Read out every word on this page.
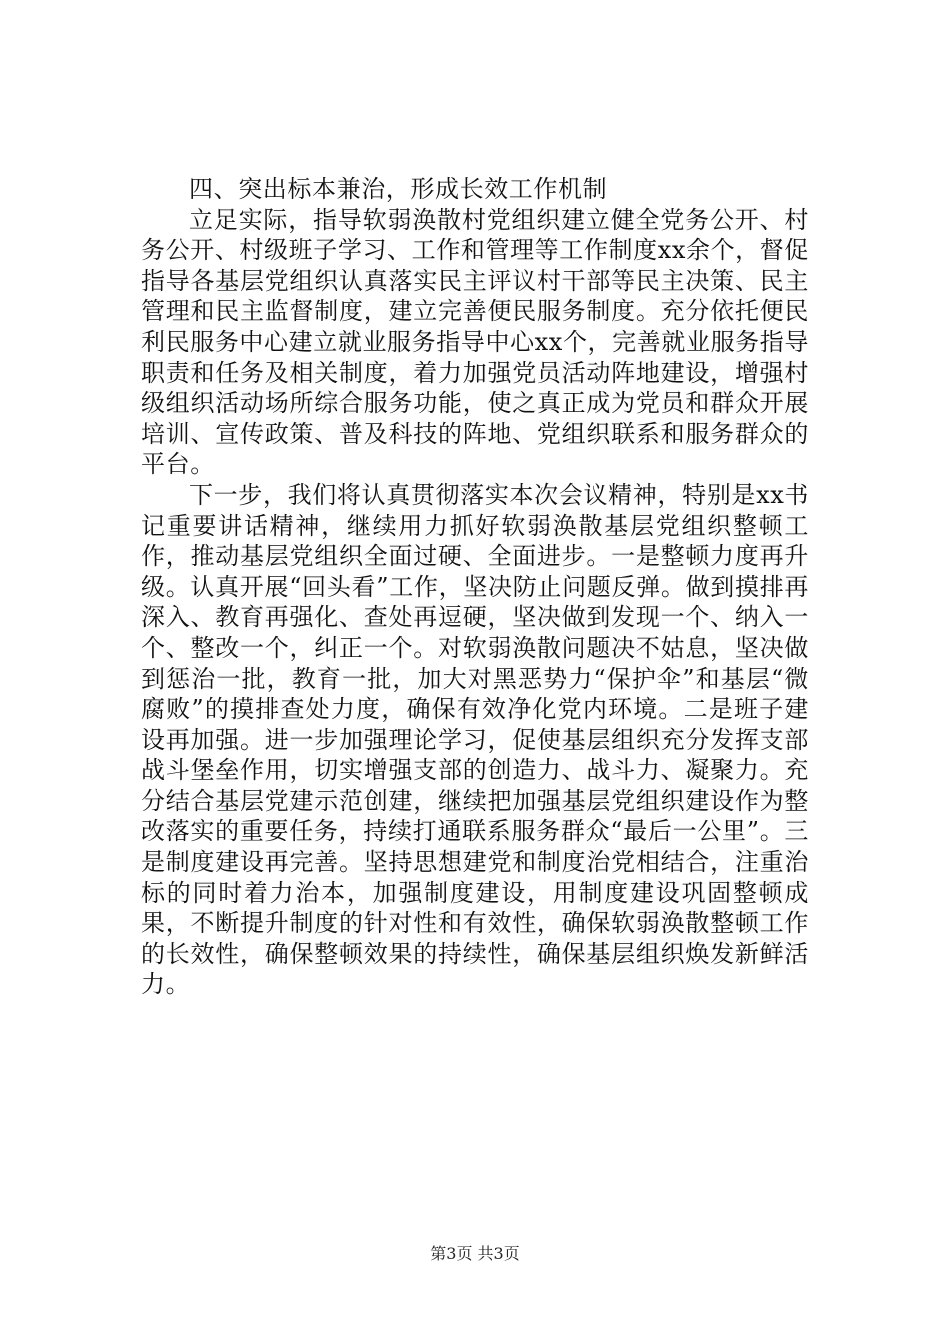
四、突出标本兼治，形成长效工作机制

立足实际，指导软弱涣散村党组织建立健全党务公开、村务公开、村级班子学习、工作和管理等工作制度xx余个，督促指导各基层党组织认真落实民主评议村干部等民主决策、民主管理和民主监督制度，建立完善便民服务制度。充分依托便民利民服务中心建立就业服务指导中心xx个，完善就业服务指导职责和任务及相关制度，着力加强党员活动阵地建设，增强村级组织活动场所综合服务功能，使之真正成为党员和群众开展培训、宣传政策、普及科技的阵地、党组织联系和服务群众的平台。

下一步，我们将认真贯彻落实本次会议精神，特别是xx书记重要讲话精神，继续用力抓好软弱涣散基层党组织整顿工作，推动基层党组织全面过硬、全面进步。一是整顿力度再升级。认真开展“回头看”工作，坚决防止问题反弹。做到摸排再深入、教育再强化、查处再逗硬，坚决做到发现一个、纳入一个、整改一个，纠正一个。对软弱涣散问题决不姑息，坚决做到惩治一批，教育一批，加大对黑恶势力“保护伞”和基层“微腐败”的摸排查处力度，确保有效净化党内环境。二是班子建设再加强。进一步加强理论学习，促使基层组织充分发挥支部战斗堡垒作用，切实增强支部的创造力、战斗力、凝聚力。充分结合基层党建示范创建，继续把加强基层党组织建设作为整改落实的重要任务，持续打通联系服务群众“最后一公里”。三是制度建设再完善。坚持思想建党和制度治党相结合，注重治标的同时着力治本，加强制度建设，用制度建设巩固整顿成果，不断提升制度的针对性和有效性，确保软弱涣散整顿工作的长效性，确保整顿效果的持续性，确保基层组织焕发新鲜活力。

第3页 共3页
